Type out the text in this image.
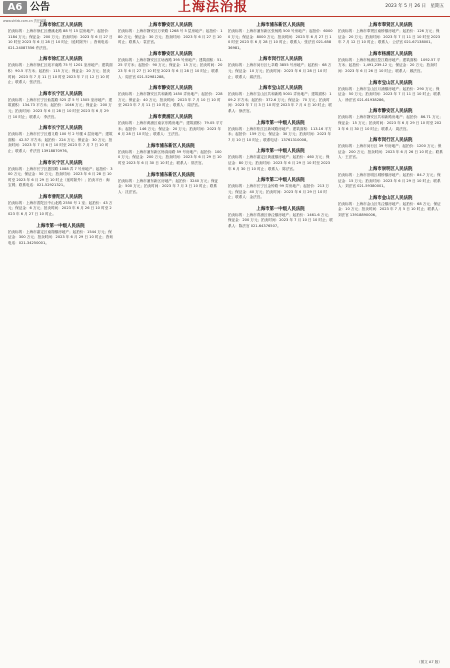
A6 公告	上海法治报	2023 年 5 月 26 日　星期五
www.shfzb.com.cn 责任编辑
上海市徐汇区人民法院

拍卖标的：上海市徐汇区漕溪北路 88 号 15 层房地产；起拍价：1184 万元；保证金：200 万元；拍卖时间：2023 年 6 月 27 日 10 时至 2023 年 6 月 28 日 10 时止（延时除外）；咨询电话：021-24087556 许法官。

上海市徐汇区人民法院

拍卖标的：上海市徐汇区宛平南路 75 号 1201 室房地产；建筑面积：90.5 平方米；起拍价：115 万元；保证金：20 万元；拍卖时间：2023 年 7 月 11 日 10 时至 2023 年 7 月 12 日 10 时止；联系人：张法官。

上海市长宁区人民法院

拍卖标的：上海市长宁区仙霞路 525 弄 5 号 1505 室房地产；建筑面积：134.73 平方米；起拍价：1046 万元；保证金：200 万元；拍卖时间：2023 年 6 月 28 日 10 时至 2023 年 6 月 29 日 10 时止；联系人：李法官。

上海市长宁区人民法院

拍卖标的：上海市长宁区遵义路 100 号 2 号楼 4 层房地产；建筑面积：42.57 平方米；起拍价：224 万元；保证金：30 万元；拍卖时间：2023 年 7 月 6 日 10 时至 2023 年 7 月 7 日 10 时止；联系人：许法官 13918870976。

上海市长宁区人民法院

拍卖标的：上海市长宁区愚园路 1088 弄 7 号房地产；起拍价：300 万元；保证金：50 万元；拍卖时间：2023 年 6 月 28 日 10 时至 2023 年 6 月 29 日 10 时止（延时除外）；拍卖平台：淘宝网；联系电话：021-52921321。

上海市普陀区人民法院

拍卖标的：上海市普陀区中山北路 2550 号 1 室；起拍价：43 万元；保证金：6 万元；拍卖时间：2023 年 6 月 26 日 10 时至 2023 年 6 月 27 日 10 时止。

上海市第一中级人民法院

拍卖标的：上海市嘉定区南翔镇房地产；起拍价：1544 万元；保证金：300 万元；拍卖时间：2023 年 6 月 29 日 10 时止；咨询电话：021-34250001。

上海市静安区人民法院

拍卖标的：上海市静安区万荣路 1268 号 5 层房地产；起拍价：180 万元；保证金：30 万元；拍卖时间：2023 年 6 月 27 日 10 时止；联系人：袁法官。

上海市静安区人民法院

拍卖标的：上海市静安区江场西路 395 号房地产；建筑面积：51.25 平方米；起拍价：90 万元；保证金：15 万元；拍卖时间：2023 年 6 月 27 日 10 时至 2023 年 6 月 28 日 10 时止；联系人：周法官 021-52981288。

上海市静安区人民法院

拍卖标的：上海市静安区共和新路 1450 弄房地产；起拍价：228 万元；保证金：40 万元；拍卖时间：2023 年 7 月 10 日 10 时至 2023 年 7 月 11 日 10 时止；联系人：周法官。

上海市黄浦区人民法院

拍卖标的：上海市黄浦区南京东路房地产；建筑面积：79.05 平方米；起拍价：146 万元；保证金：20 万元；拍卖时间：2023 年 6 月 28 日 10 时止；联系人：王法官。

上海市浦东新区人民法院

拍卖标的：上海市浦东新区杨高南路 59 号房地产；起拍价：1000 万元；保证金：200 万元；拍卖时间：2023 年 6 月 29 日 10 时至 2023 年 6 月 30 日 10 时止；联系人：常法官。

上海市浦东新区人民法院

拍卖标的：上海市浦东新区房地产；起拍价：3240 万元；保证金：500 万元；拍卖时间：2023 年 7 月 3 日 10 时止；联系人：沈法官。

上海市浦东新区人民法院

拍卖标的：上海市浦东新区张杨路 500 号房地产；起拍价：60000 万元；保证金：8000 万元；拍卖时间：2023 年 6 月 27 日 10 时至 2023 年 6 月 28 日 10 时止；联系人：张法官 021-65836981。

上海市闵行区人民法院

拍卖标的：上海市闵行区七莘路 3855 号房地产；起拍价：68 万元；保证金：10 万元；拍卖时间：2023 年 6 月 28 日 10 时止；联系人：翁法官。

上海市宝山区人民法院

拍卖标的：上海市宝山区共和新路 5001 弄房地产；建筑面积：109.2 平方米；起拍价：372.6 万元；保证金：70 万元；拍卖时间：2023 年 7 月 3 日 10 时至 2023 年 7 月 4 日 10 时止；联系人：徐法官。

上海市第一中级人民法院

拍卖标的：上海市松江区新城路房地产；建筑面积：113.16 平方米；起拍价：159 万元；保证金：30 万元；拍卖时间：2023 年 7 月 10 日 10 时止；联系电话：13761310008。

上海市第一中级人民法院

拍卖标的：上海市嘉定区黄渡镇房地产；起拍价：460 万元；保证金：80 万元；拍卖时间：2023 年 6 月 29 日 10 时至 2023 年 6 月 30 日 10 时止；联系人：陈法官。

上海市第二中级人民法院

拍卖标的：上海市长宁区金钟路 99 弄房地产；起拍价：213 万元；保证金：40 万元；拍卖时间：2023 年 6 月 29 日 10 时止；联系人：金法官。

上海市第一中级人民法院

拍卖标的：上海市青浦区徐泾镇房地产；起拍价：1461.6 万元；保证金：200 万元；拍卖时间：2023 年 7 月 10 日 10 时止；联系人：陈法官 021-64376507。

上海市奉贤区人民法院

拍卖标的：上海市奉贤区南桥镇房地产；起拍价：126 万元；保证金：20 万元；拍卖时间：2023 年 7 月 11 日 10 时至 2023 年 7 月 12 日 10 时止；联系人：公法官 021-67138001。

上海市杨浦区人民法院

拍卖标的：上海市杨浦区控江路房地产；建筑面积：1092.57 平方米；起拍价：1,491,239.12 元；保证金：20 万元；拍卖时间：2023 年 6 月 26 日 10 时止；联系人：顾法官。

上海市宝山区人民法院

拍卖标的：上海市宝山区月浦镇房地产；起拍价：290 万元；保证金：50 万元；拍卖时间：2023 年 7 月 11 日 10 时止；联系人：徐法官 021-61938286。

上海市静安区人民法院

拍卖标的：上海市静安区共和新路房地产；起拍价：86.71 万元；保证金：15 万元；拍卖时间：2023 年 6 月 29 日 10 时至 2023 年 6 月 30 日 10 时止；联系人：周法官。

上海市闵行区人民法院

拍卖标的：上海市闵行区 39 号房地产；起拍价：1200 万元；保证金：200 万元；拍卖时间：2023 年 6 月 26 日 10 时止；联系人：王法官。

上海市崇明区人民法院

拍卖标的：上海市崇明区城桥镇房地产；起拍价：84.7 万元；保证金：15 万元；拍卖时间：2023 年 6 月 29 日 10 时止；联系人：刘法官 021-59380001。

上海市金山区人民法院

拍卖标的：上海市金山区朱泾镇房地产；起拍价：68 万元；保证金：10 万元；拍卖时间：2023 年 7 月 5 日 10 时止；联系人：刘法官 13918890006。

（图文 A7 版）
